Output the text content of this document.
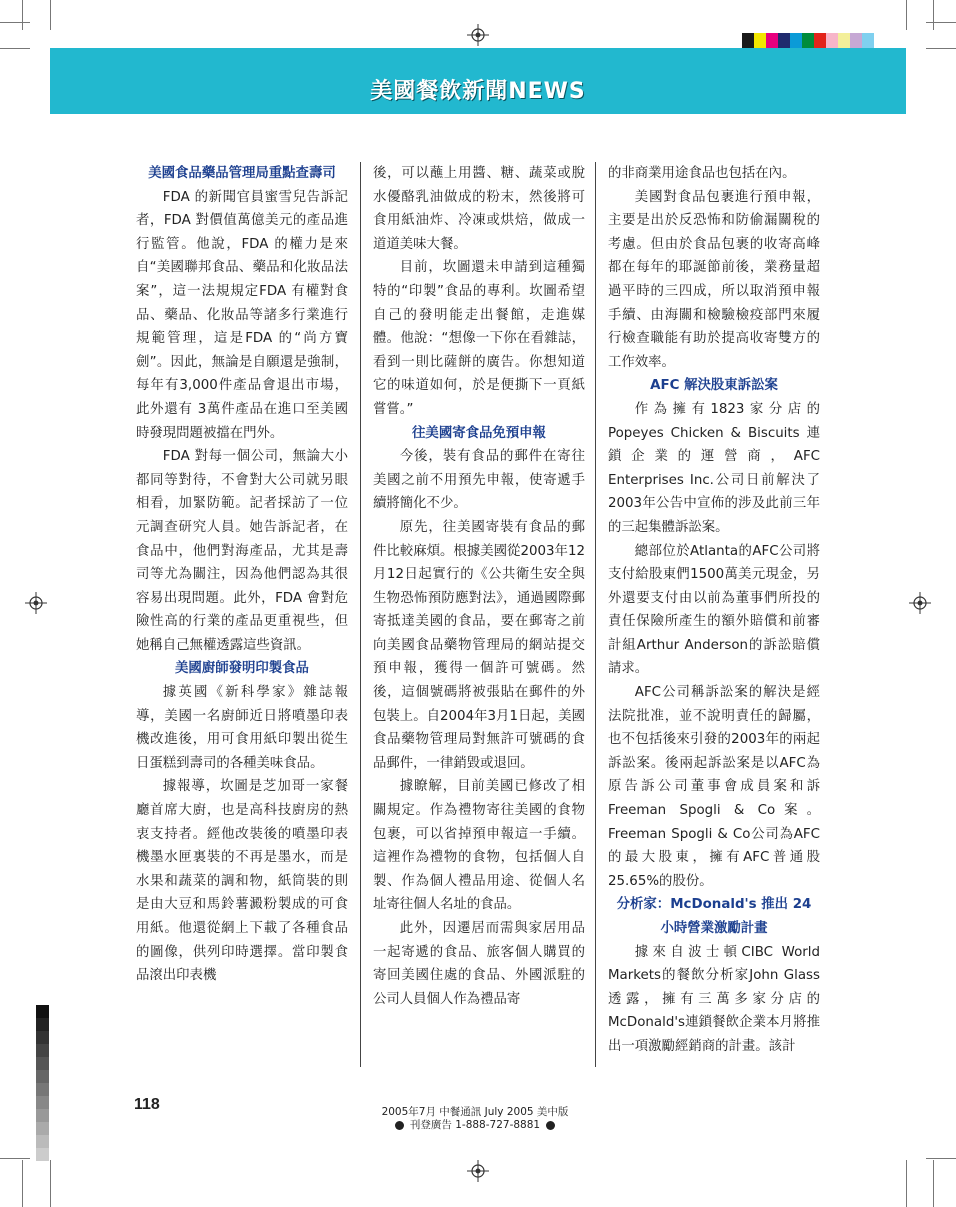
美國餐飲新聞NEWS
美國食品藥品管理局重點查壽司

FDA 的新聞官員蜜雪兒告訴記者，FDA 對價值萬億美元的產品進行監管。他說，FDA 的權力是來自“美國聯邦食品、藥品和化妝品法案”，這一法規規定FDA 有權對食品、藥品、化妝品等諸多行業進行規範管理，這是FDA 的“尚方寶劍”。因此，無論是自願還是強制，每年有3,000件產品會退出市場，此外還有 3萬件產品在進口至美國時發現問題被擋在門外。

FDA 對每一個公司，無論大小都同等對待，不會對大公司就另眼相看，加緊防範。記者採訪了一位元調查研究人員。她告訴記者，在食品中，他們對海產品，尤其是壽司等尤為關注，因為他們認為其很容易出現問題。此外，FDA 會對危險性高的行業的產品更重視些，但她稱自己無權透露這些資訊。

美國廚師發明印製食品

據英國《新科學家》雜誌報導，美國一名廚師近日將噴墨印表機改進後，用可食用紙印製出從生日蛋糕到壽司的各種美味食品。

據報導，坎圖是芝加哥一家餐廳首席大廚，也是高科技廚房的熱衷支持者。經他改裝後的噴墨印表機墨水匣裏裝的不再是墨水，而是水果和蔬菜的調和物，紙筒裝的則是由大豆和馬鈴薯澱粉製成的可食用紙。他還從網上下載了各種食品的圖像，供列印時選擇。當印製食品滾出印表機

後，可以蘸上用醬、糖、蔬菜或脫水優酪乳油做成的粉末，然後將可食用紙油炸、冷凍或烘焙，做成一道道美味大餐。

目前，坎圖還未申請到這種獨特的“印製”食品的專利。坎圖希望自己的發明能走出餐館，走進媒體。他說：“想像一下你在看雜誌，看到一則比薩餅的廣告。你想知道它的味道如何，於是便撕下一頁紙嘗嘗。”

往美國寄食品免預申報

今後，裝有食品的郵件在寄往美國之前不用預先申報，使寄遞手續將簡化不少。

原先，往美國寄裝有食品的郵件比較麻煩。根據美國從2003年12月12日起實行的《公共衛生安全與生物恐怖預防應對法》，通過國際郵寄抵達美國的食品，要在郵寄之前向美國食品藥物管理局的網站提交預申報，獲得一個許可號碼。然後，這個號碼將被張貼在郵件的外包裝上。自2004年3月1日起，美國食品藥物管理局對無許可號碼的食品郵件，一律銷毀或退回。

據瞭解，目前美國已修改了相關規定。作為禮物寄往美國的食物包裹，可以省掉預申報這一手續。這裡作為禮物的食物，包括個人自製、作為個人禮品用途、從個人名址寄往個人名址的食品。

此外，因遷居而需與家居用品一起寄遞的食品、旅客個人購買的寄回美國住處的食品、外國派駐的公司人員個人作為禮品寄

的非商業用途食品也包括在內。

美國對食品包裹進行預申報，主要是出於反恐怖和防偷漏關稅的考慮。但由於食品包裹的收寄高峰都在每年的耶誕節前後，業務量超過平時的三四成，所以取消預申報手續、由海關和檢驗檢疫部門來履行檢查職能有助於提高收寄雙方的工作效率。

AFC 解決股東訴訟案

作為擁有1823家分店的Popeyes Chicken & Biscuits 連鎖企業的運營商，AFC Enterprises Inc.公司日前解決了2003年公告中宣佈的涉及此前三年的三起集體訴訟案。

總部位於Atlanta的AFC公司將支付給股東們1500萬美元現金，另外還要支付由以前為董事們所投的責任保險所產生的額外賠償和前審計組Arthur Anderson的訴訟賠償請求。

AFC公司稱訴訟案的解決是經法院批准，並不說明責任的歸屬，也不包括後來引發的2003年的兩起訴訟案。後兩起訴訟案是以AFC為原告訴公司董事會成員案和訴 Freeman Spogli & Co案。Freeman Spogli & Co公司為AFC的最大股東，擁有AFC普通股25.65%的股份。

分析家：McDonald's 推出 24 小時營業激勵計畫

據來自波士頓CIBC World Markets的餐飲分析家John Glass透露，擁有三萬多家分店的McDonald's連鎖餐飲企業本月將推出一項激勵經銷商的計畫。該計

118	2005年7月 中餐通訊 July 2005 美中版
刊登廣告 1-888-727-8881
